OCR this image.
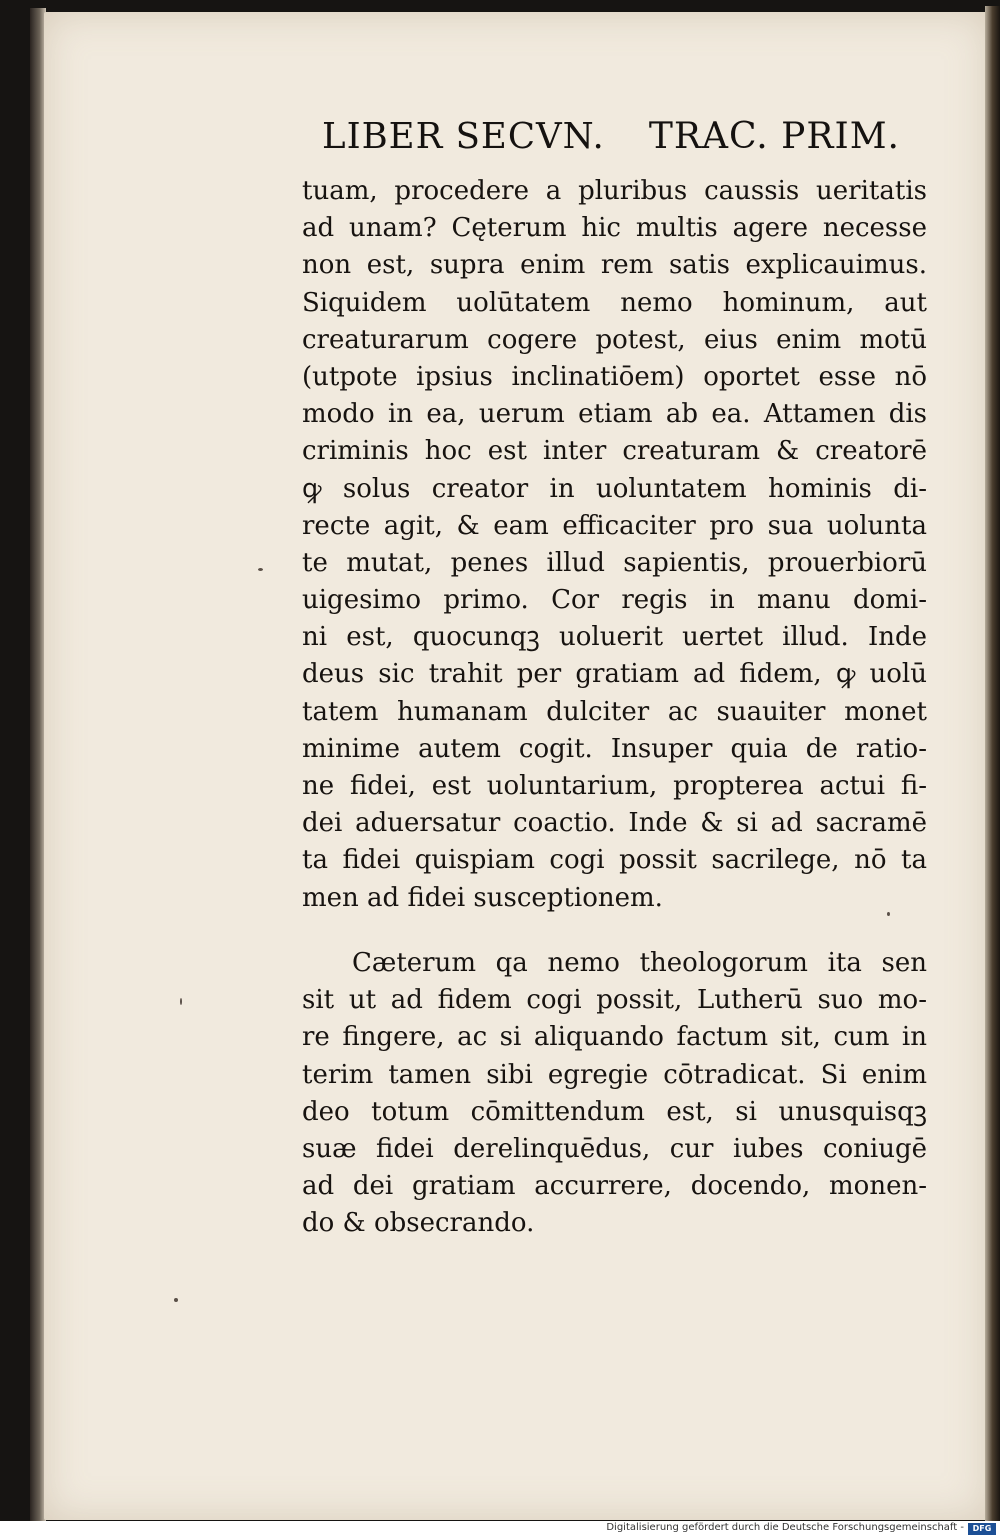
LIBER SECVN. TRAC. PRIM.
tuam, procedere a pluribus caussis ueritatis
ad unam? Cęterum hic multis agere necesse
non est, supra enim rem satis explicauimus.
Siquidem uolūtatem nemo hominum, aut
creaturarum cogere potest, eius enim motū
(utpote ipsius inclinatiōem) oportet esse nō
modo in ea, uerum etiam ab ea. Attamen dis
criminis hoc est inter creaturam & creatorē
ꝙ solus creator in uoluntatem hominis di-
recte agit, & eam efficaciter pro sua uolunta
te mutat, penes illud sapientis, prouerbiorū
uigesimo primo. Cor regis in manu domi-
ni est, quocunqꝫ uoluerit uertet illud. Inde
deus sic trahit per gratiam ad fidem, ꝙ uolū
tatem humanam dulciter ac suauiter monet
minime autem cogit. Insuper quia de ratio-
ne fidei, est uoluntarium, propterea actui fi-
dei aduersatur coactio. Inde & si ad sacramē
ta fidei quispiam cogi possit sacrilege, nō ta
men ad fidei susceptionem.
Cæterum qa nemo theologorum ita sen
sit ut ad fidem cogi possit, Lutherū suo mo-
re fingere, ac si aliquando factum sit, cum in
terim tamen sibi egregie cōtradicat. Si enim
deo totum cōmittendum est, si unusquisqꝫ
suæ fidei derelinquēdus, cur iubes coniugē
ad dei gratiam accurrere, docendo, monen-
do & obsecrando.
Digitalisierung gefördert durch die Deutsche Forschungsgemeinschaft -	DFG
